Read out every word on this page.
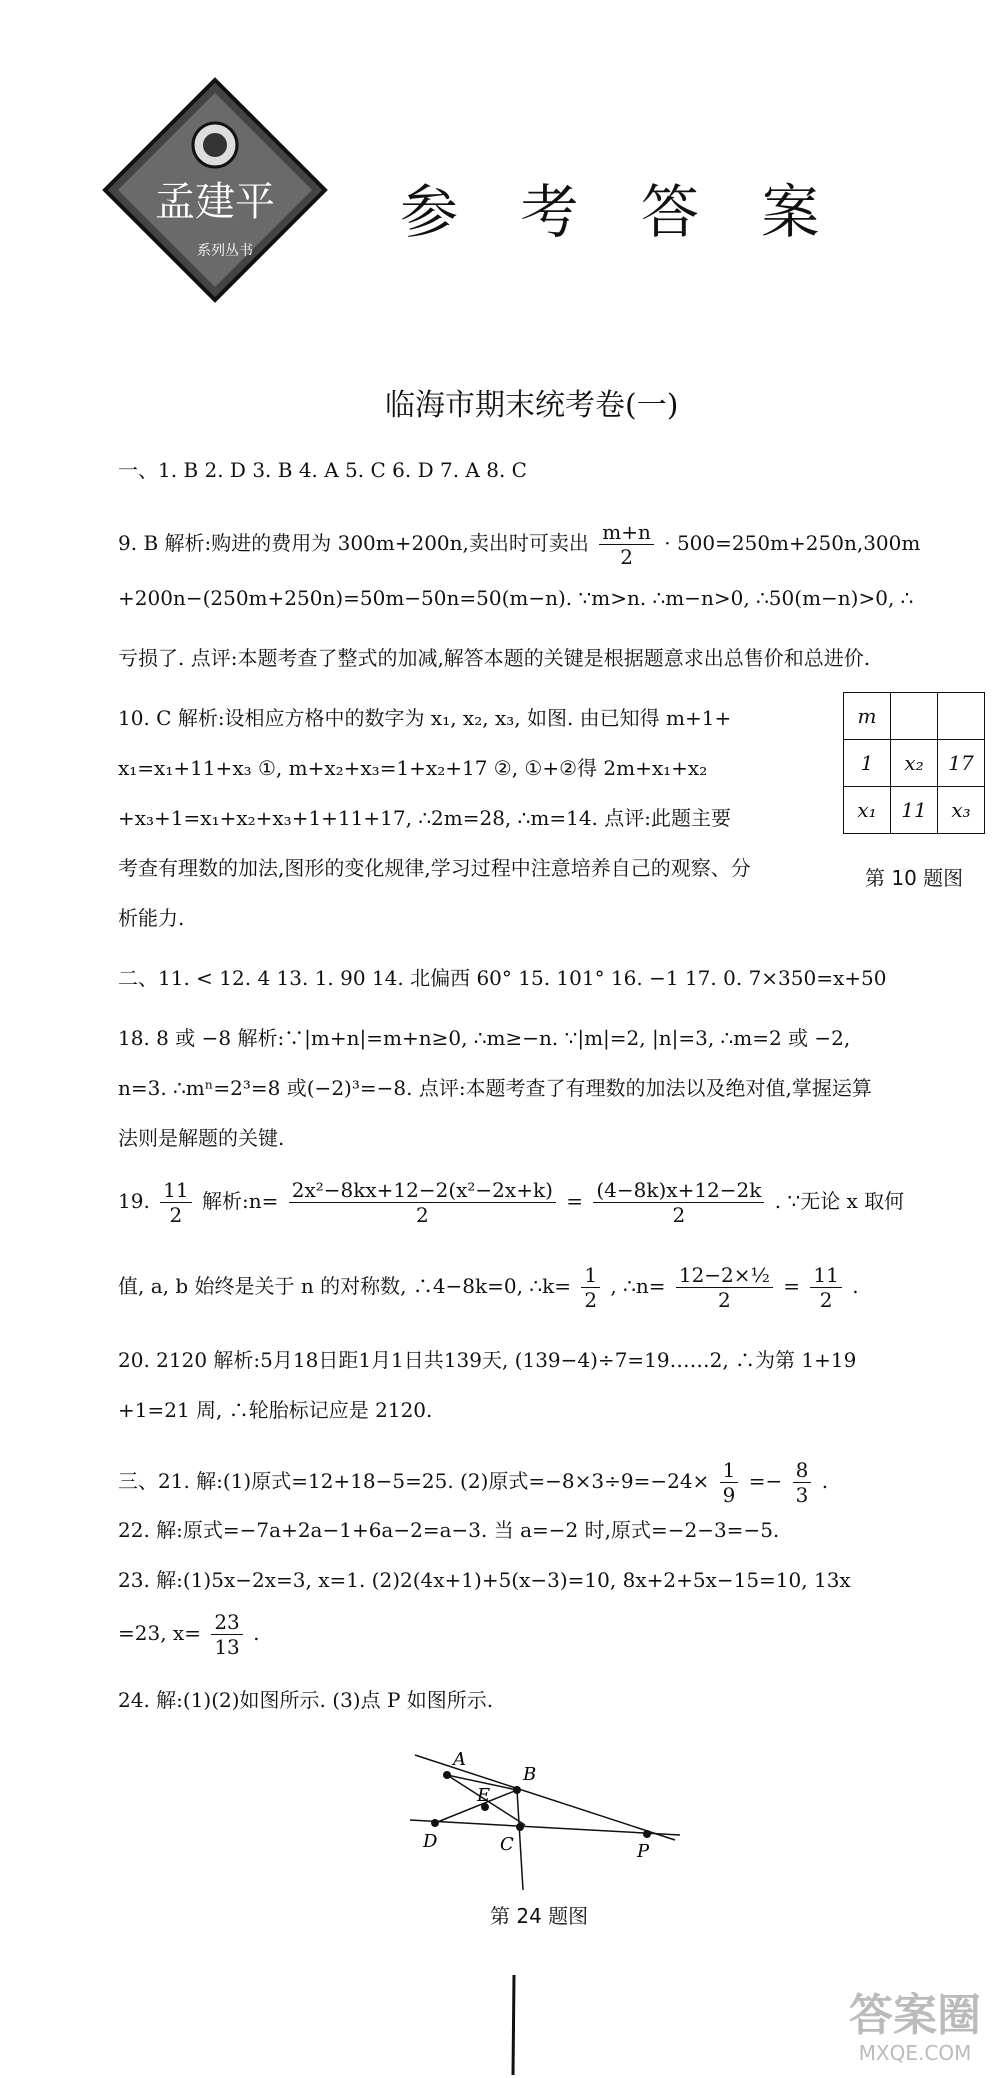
孟建平
系列丛书
参 考 答 案
临海市期末统考卷(一)
一、1. B 2. D 3. B 4. A 5. C 6. D 7. A 8. C
9. B 解析:购进的费用为 300m+200n,卖出时可卖出 $\frac{m+n}{2} \cdot 500=250m+250n,300m$
+200n−(250m+250n)=50m−50n=50(m−n). ∵m>n. ∴m−n>0, ∴50(m−n)>0, ∴
亏损了. 点评:本题考查了整式的加减,解答本题的关键是根据题意求出总售价和总进价.
10. C 解析:设相应方格中的数字为 x₁, x₂, x₃, 如图. 由已知得 m+1+
x₁=x₁+11+x₃ ①, m+x₂+x₃=1+x₂+17 ②, ①+②得 2m+x₁+x₂
+x₃+1=x₁+x₂+x₃+1+11+17, ∴2m=28, ∴m=14. 点评:此题主要
考查有理数的加法,图形的变化规律,学习过程中注意培养自己的观察、分
析能力.
m		
1	x₂	17
x₁	11	x₃
第 10 题图
二、11. < 12. 4 13. 1. 90 14. 北偏西 60° 15. 101° 16. −1 17. 0. 7×350=x+50
18. 8 或 −8 解析:∵|m+n|=m+n≥0, ∴m≥−n. ∵|m|=2, |n|=3, ∴m=2 或 −2,
n=3. ∴mⁿ=2³=8 或(−2)³=−8. 点评:本题考查了有理数的加法以及绝对值,掌握运算
法则是解题的关键.
19. $\frac{11}{2}$ 解析:n= $\frac{\text{2x²−8kx+12−2(x²−2x+k)}}{2} = \frac{(4-8k)x+12-2k}{2}$ . ∵无论 x 取何
值, a, b 始终是关于 n 的对称数, ∴4−8k=0, ∴k= $\frac{1}{2}$ , ∴n= $\frac{\text{12−2×½}}{2} = \frac{11}{2}$ .
20. 2120 解析:5月18日距1月1日共139天, (139−4)÷7=19……2, ∴为第 1+19
+1=21 周, ∴轮胎标记应是 2120.
三、21. 解:(1)原式=12+18−5=25. (2)原式$=-8\times 3\div 9=-24\times \frac{1}{9} =- \frac{8}{3}$ .
22. 解:原式=−7a+2a−1+6a−2=a−3. 当 a=−2 时,原式=−2−3=−5.
23. 解:(1)5x−2x=3, x=1. (2)2(4x+1)+5(x−3)=10, 8x+2+5x−15=10, 13x
=23, $x= \frac{23}{13}$ .
24. 解:(1)(2)如图所示. (3)点 P 如图所示.
A
B
E
D	C	P
第 24 题图
答案圈
MXQE.COM
